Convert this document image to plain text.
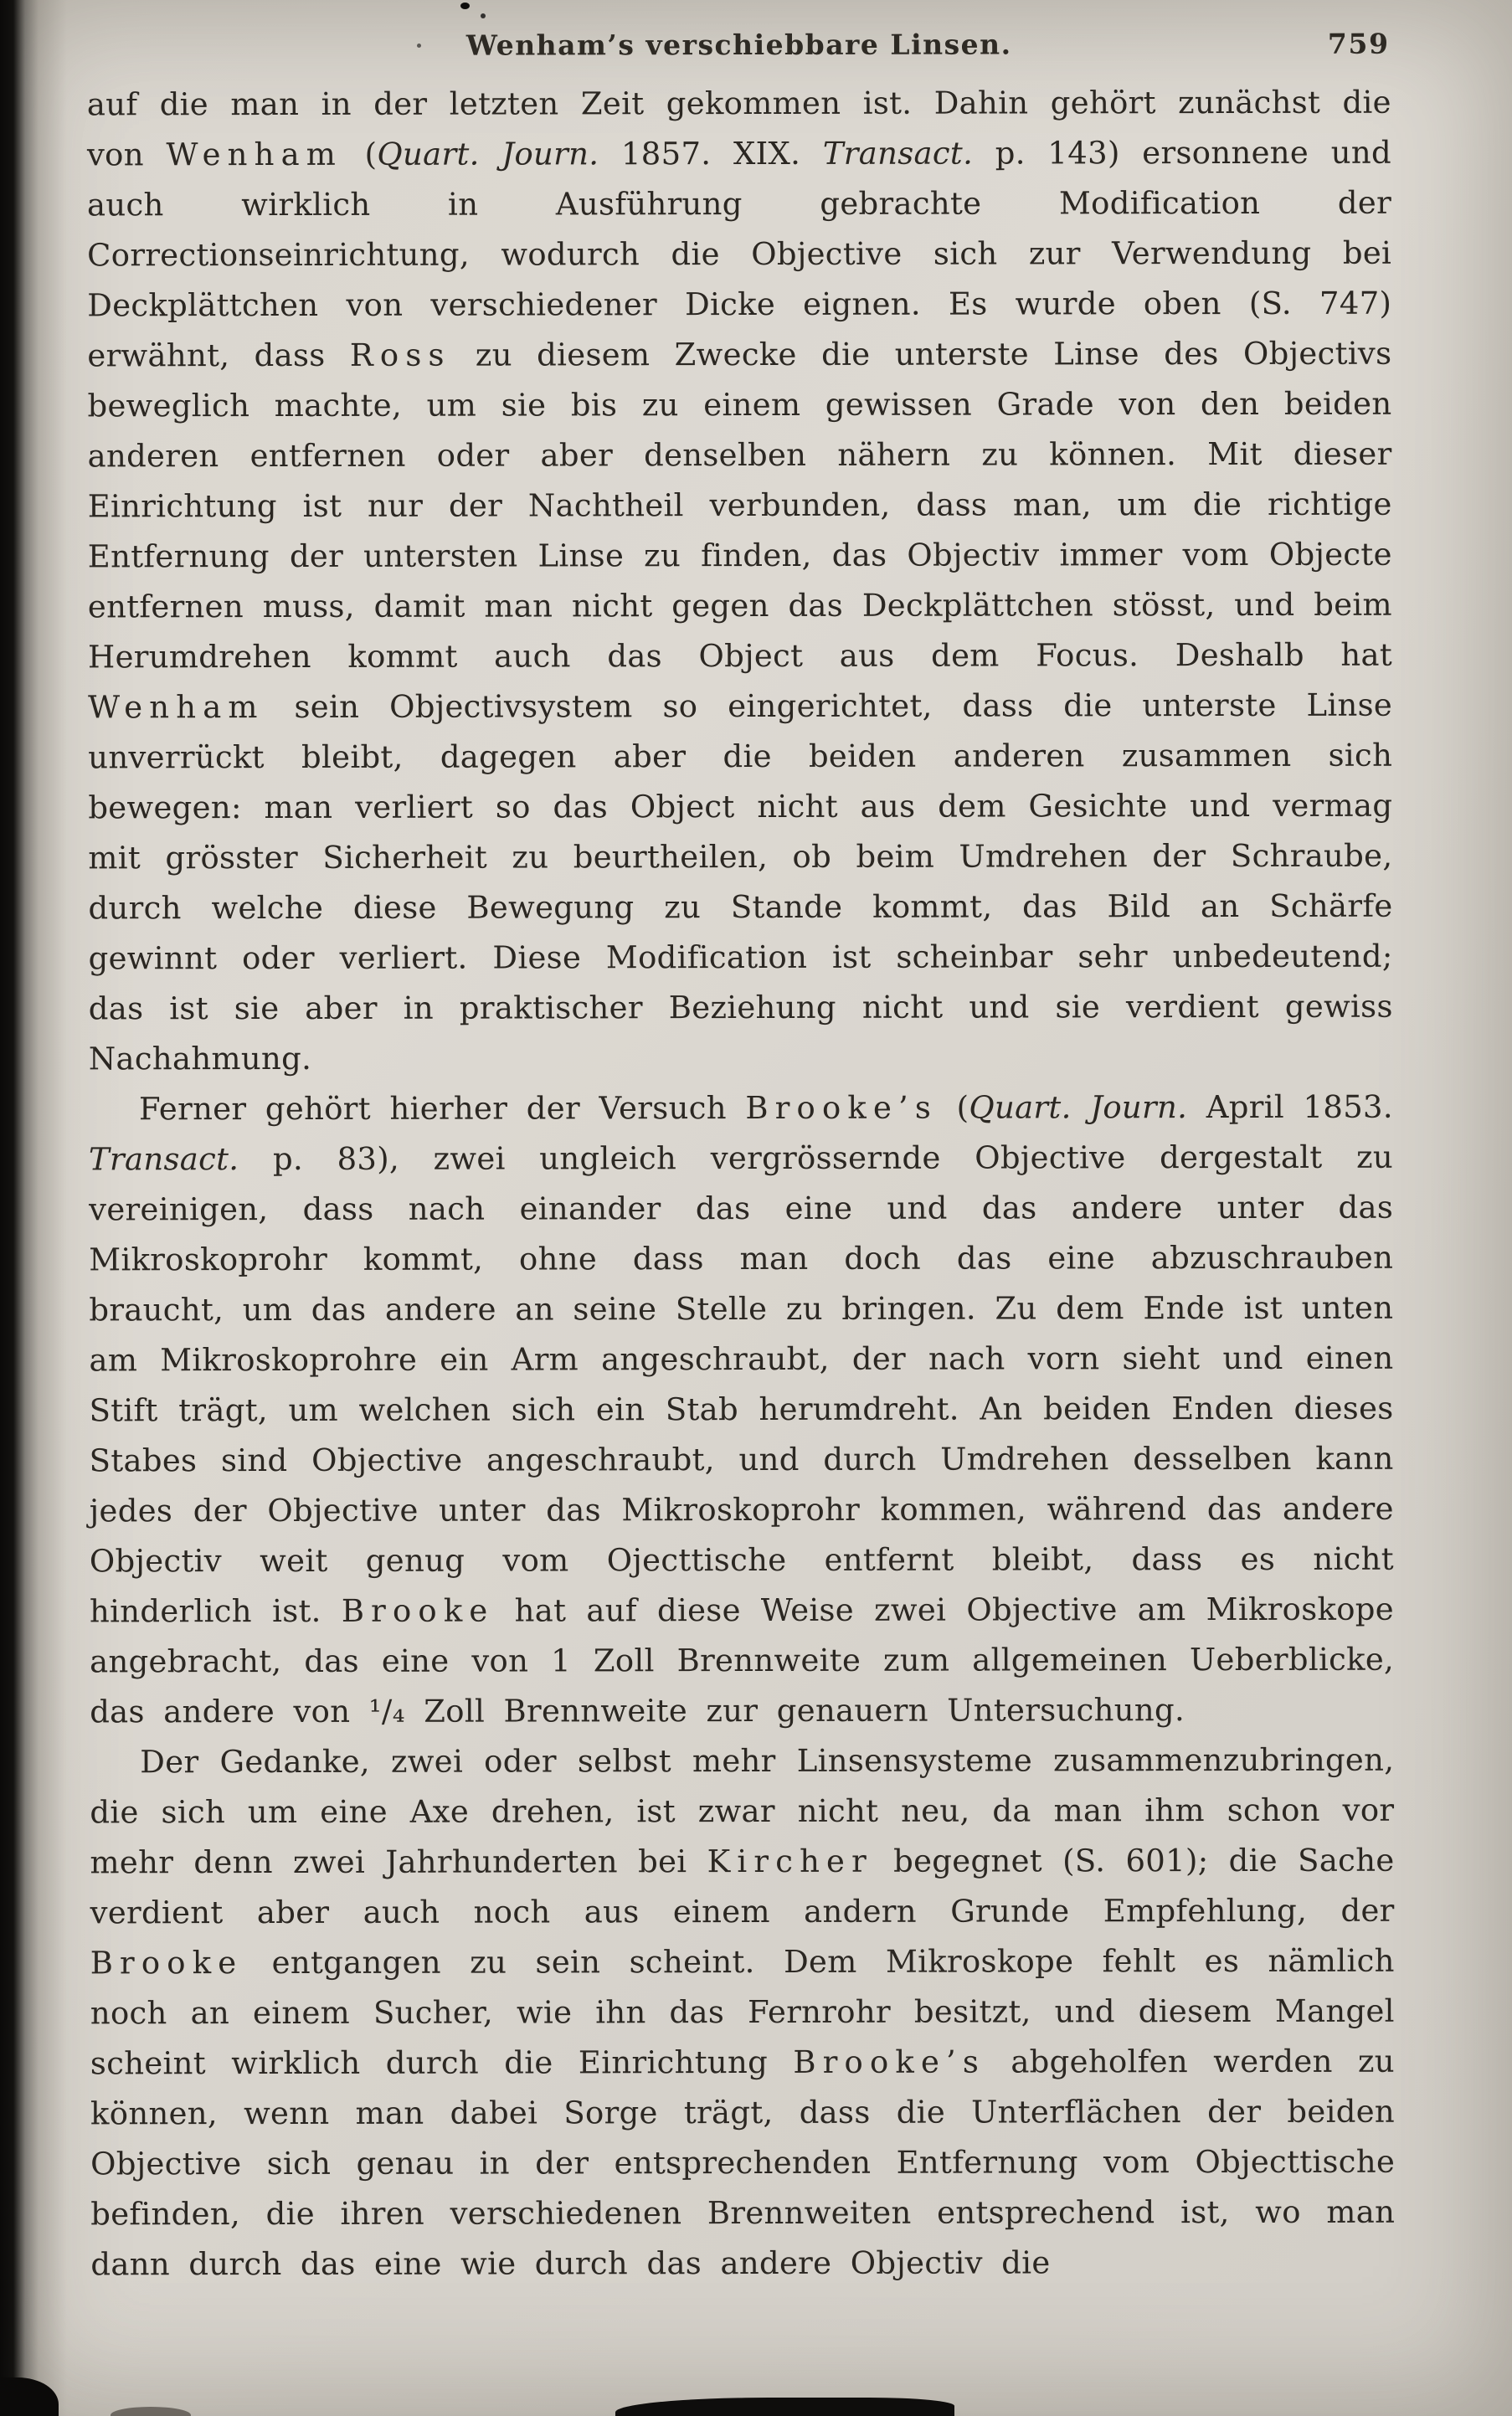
Wenham’s verschiebbare Linsen.	759

auf die man in der letzten Zeit gekommen ist. Dahin gehört zunächst die von Wenham (Quart. Journ. 1857. XIX. Transact. p. 143) ersonnene und auch wirklich in Ausführung gebrachte Modification der Correctionseinrichtung, wodurch die Objective sich zur Verwendung bei Deckplättchen von verschiedener Dicke eignen. Es wurde oben (S. 747) erwähnt, dass Ross zu diesem Zwecke die unterste Linse des Objectivs beweglich machte, um sie bis zu einem gewissen Grade von den beiden anderen entfernen oder aber denselben nähern zu können. Mit dieser Einrichtung ist nur der Nachtheil verbunden, dass man, um die richtige Entfernung der untersten Linse zu finden, das Objectiv immer vom Objecte entfernen muss, damit man nicht gegen das Deckplättchen stösst, und beim Herumdrehen kommt auch das Object aus dem Focus. Deshalb hat Wenham sein Objectivsystem so eingerichtet, dass die unterste Linse unverrückt bleibt, dagegen aber die beiden anderen zusammen sich bewegen: man verliert so das Object nicht aus dem Gesichte und vermag mit grösster Sicherheit zu beurtheilen, ob beim Umdrehen der Schraube, durch welche diese Bewegung zu Stande kommt, das Bild an Schärfe gewinnt oder verliert. Diese Modification ist scheinbar sehr unbedeutend; das ist sie aber in praktischer Beziehung nicht und sie verdient gewiss Nachahmung.

Ferner gehört hierher der Versuch Brooke’s (Quart. Journ. April 1853. Transact. p. 83), zwei ungleich vergrössernde Objective dergestalt zu vereinigen, dass nach einander das eine und das andere unter das Mikroskoprohr kommt, ohne dass man doch das eine abzuschrauben braucht, um das andere an seine Stelle zu bringen. Zu dem Ende ist unten am Mikroskoprohre ein Arm angeschraubt, der nach vorn sieht und einen Stift trägt, um welchen sich ein Stab herumdreht. An beiden Enden dieses Stabes sind Objective angeschraubt, und durch Umdrehen desselben kann jedes der Objective unter das Mikroskoprohr kommen, während das andere Objectiv weit genug vom Ojecttische entfernt bleibt, dass es nicht hinderlich ist. Brooke hat auf diese Weise zwei Objective am Mikroskope angebracht, das eine von 1 Zoll Brennweite zum allgemeinen Ueberblicke, das andere von ¹/₄ Zoll Brennweite zur genauern Untersuchung.

Der Gedanke, zwei oder selbst mehr Linsensysteme zusammenzubringen, die sich um eine Axe drehen, ist zwar nicht neu, da man ihm schon vor mehr denn zwei Jahrhunderten bei Kircher begegnet (S. 601); die Sache verdient aber auch noch aus einem andern Grunde Empfehlung, der Brooke entgangen zu sein scheint. Dem Mikroskope fehlt es nämlich noch an einem Sucher, wie ihn das Fernrohr besitzt, und diesem Mangel scheint wirklich durch die Einrichtung Brooke’s abgeholfen werden zu können, wenn man dabei Sorge trägt, dass die Unterflächen der beiden Objective sich genau in der entsprechenden Entfernung vom Objecttische befinden, die ihren verschiedenen Brennweiten entsprechend ist, wo man dann durch das eine wie durch das andere Objectiv die
